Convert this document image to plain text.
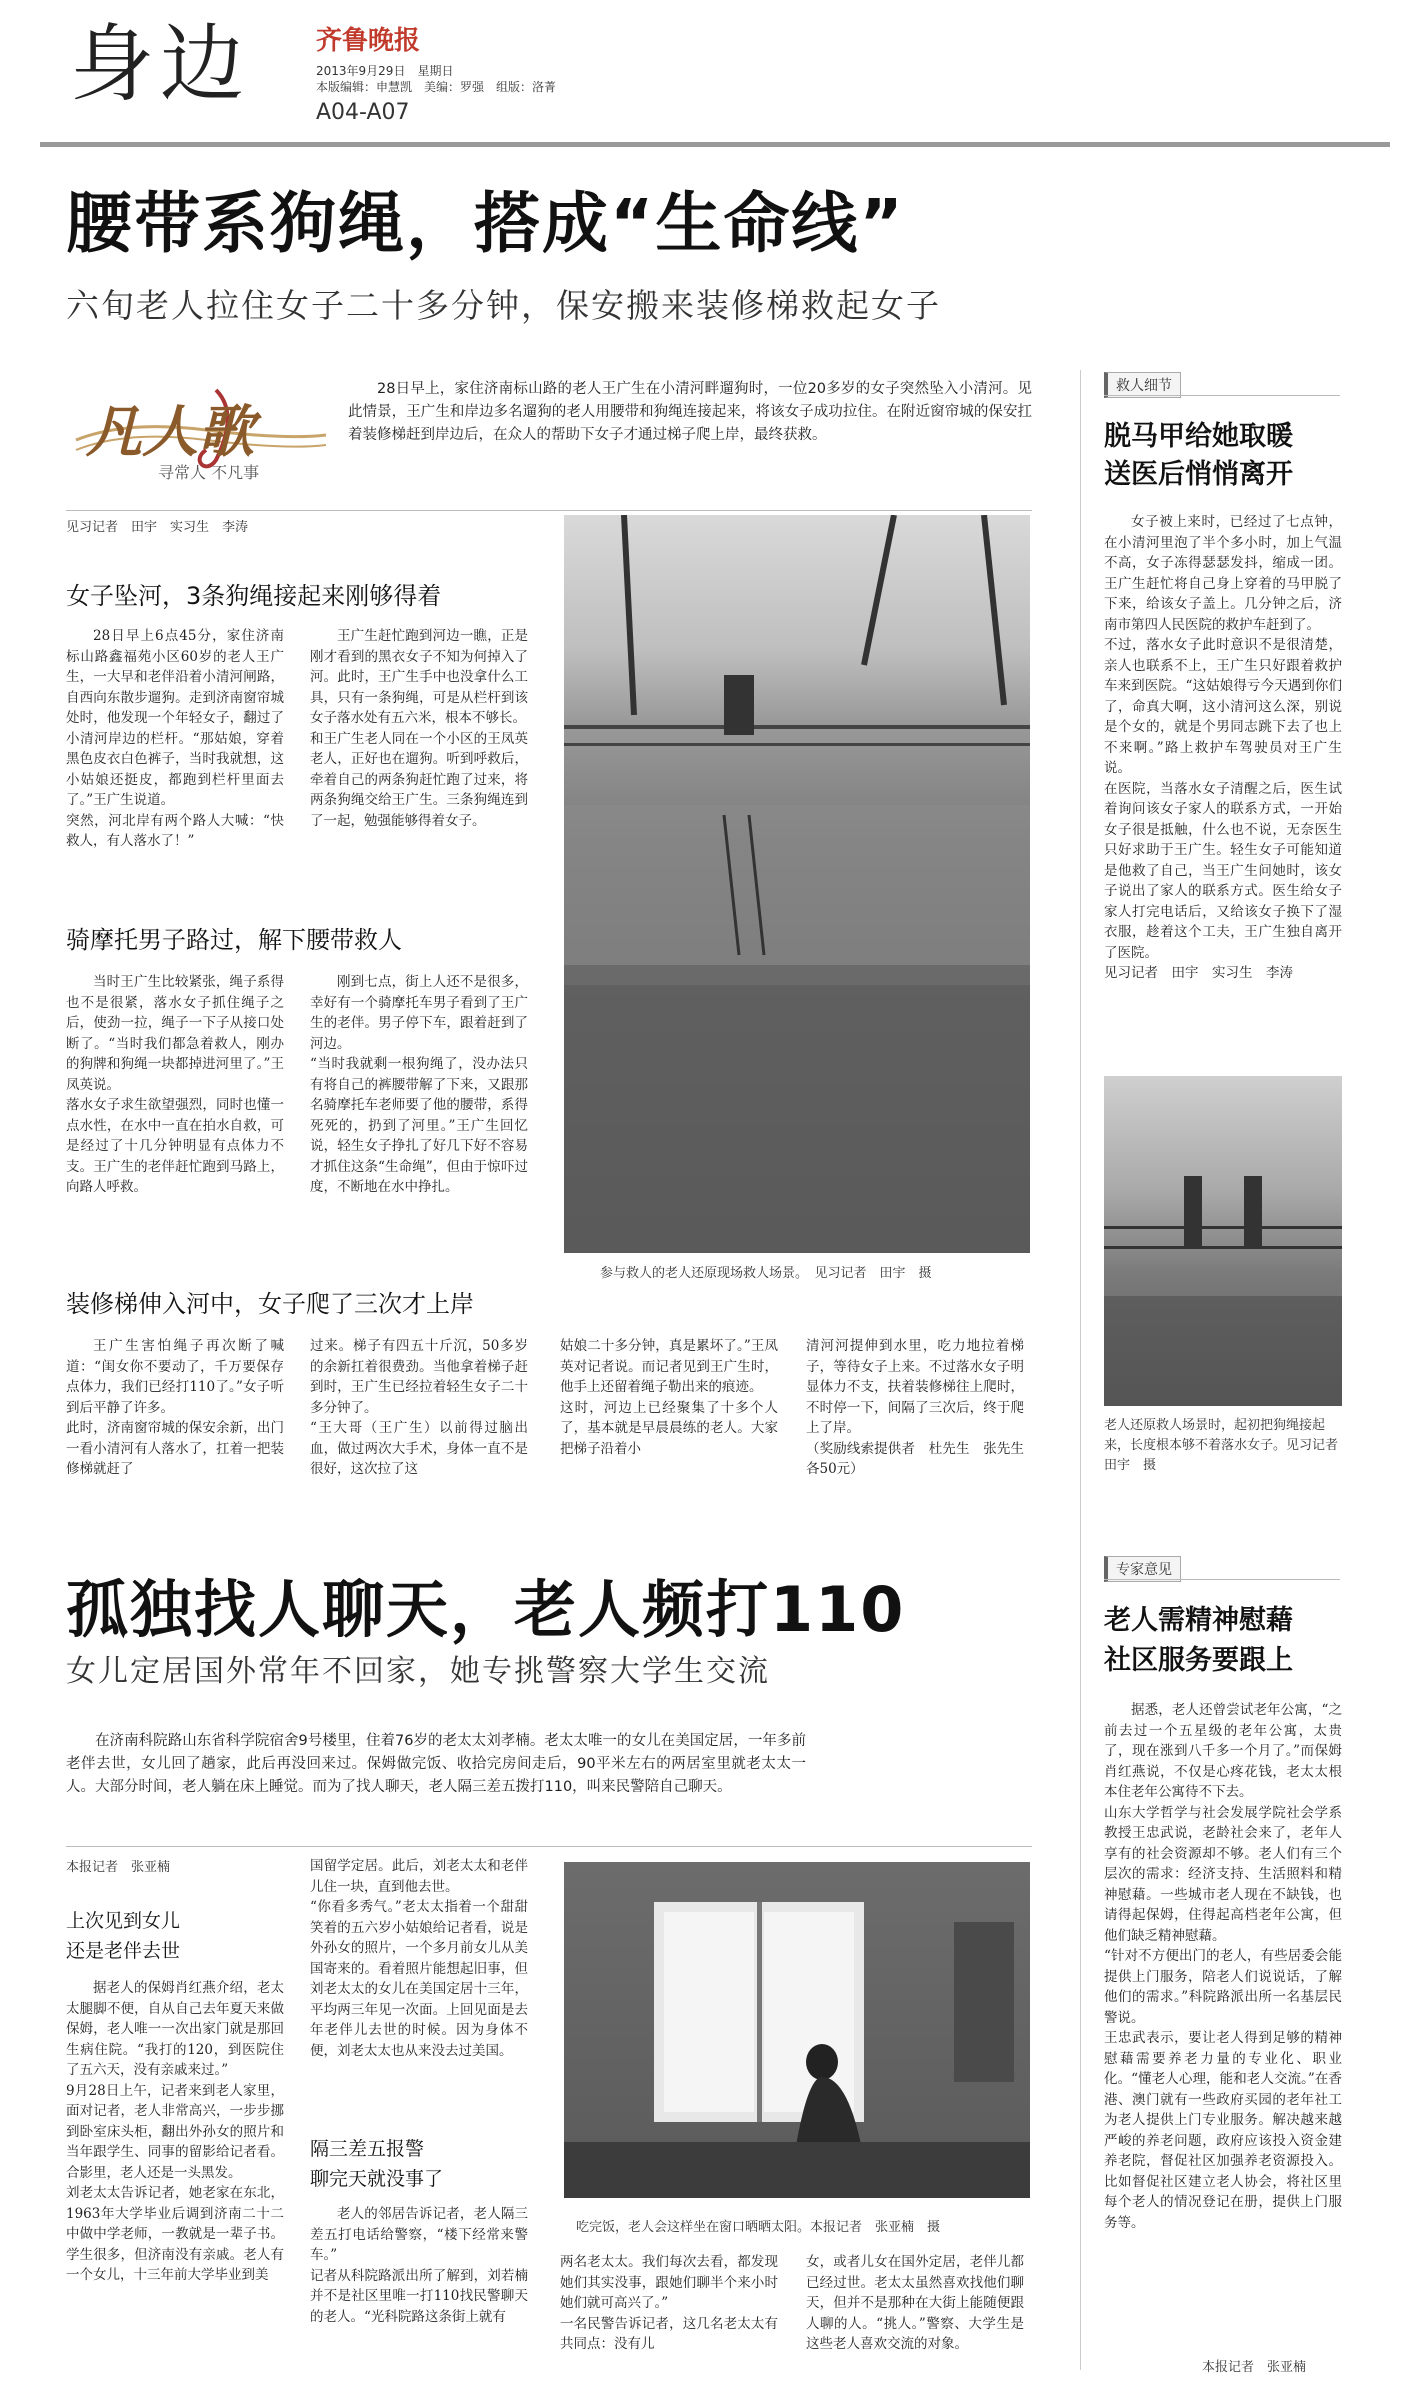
身边	齐鲁晚报
2013年9月29日　星期日
本版编辑：申慧凯　美编：罗强　组版：洛菁
A04-A07
腰带系狗绳，搭成“生命线”
六旬老人拉住女子二十多分钟，保安搬来装修梯救起女子
凡人歌
寻常人 不凡事
28日早上，家住济南标山路的老人王广生在小清河畔遛狗时，一位20多岁的女子突然坠入小清河。见此情景，王广生和岸边多名遛狗的老人用腰带和狗绳连接起来，将该女子成功拉住。在附近窗帘城的保安扛着装修梯赶到岸边后，在众人的帮助下女子才通过梯子爬上岸，最终获救。
见习记者　田宇　实习生　李涛
女子坠河，3条狗绳接起来刚够得着
28日早上6点45分，家住济南标山路鑫福苑小区60岁的老人王广生，一大早和老伴沿着小清河闸路，自西向东散步遛狗。走到济南窗帘城处时，他发现一个年轻女子，翻过了小清河岸边的栏杆。“那姑娘，穿着黑色皮衣白色裤子，当时我就想，这小姑娘还挺皮，都跑到栏杆里面去了。”王广生说道。
突然，河北岸有两个路人大喊：“快救人，有人落水了！”
王广生赶忙跑到河边一瞧，正是刚才看到的黑衣女子不知为何掉入了河。此时，王广生手中也没拿什么工具，只有一条狗绳，可是从栏杆到该女子落水处有五六米，根本不够长。
和王广生老人同在一个小区的王凤英老人，正好也在遛狗。听到呼救后，牵着自己的两条狗赶忙跑了过来，将两条狗绳交给王广生。三条狗绳连到了一起，勉强能够得着女子。
骑摩托男子路过，解下腰带救人
当时王广生比较紧张，绳子系得也不是很紧，落水女子抓住绳子之后，使劲一拉，绳子一下子从接口处断了。“当时我们都急着救人，刚办的狗牌和狗绳一块都掉进河里了。”王凤英说。
落水女子求生欲望强烈，同时也懂一点水性，在水中一直在拍水自救，可是经过了十几分钟明显有点体力不支。王广生的老伴赶忙跑到马路上，向路人呼救。
刚到七点，街上人还不是很多，幸好有一个骑摩托车男子看到了王广生的老伴。男子停下车，跟着赶到了河边。
“当时我就剩一根狗绳了，没办法只有将自己的裤腰带解了下来，又跟那名骑摩托车老师要了他的腰带，系得死死的，扔到了河里。”王广生回忆说，轻生女子挣扎了好几下好不容易才抓住这条“生命绳”，但由于惊吓过度，不断地在水中挣扎。
参与救人的老人还原现场救人场景。　见习记者　田宇　摄
装修梯伸入河中，女子爬了三次才上岸
王广生害怕绳子再次断了喊道：“闺女你不要动了，千万要保存点体力，我们已经打110了。”女子听到后平静了许多。
此时，济南窗帘城的保安余新，出门一看小清河有人落水了，扛着一把装修梯就赶了
过来。梯子有四五十斤沉，50多岁的余新扛着很费劲。当他拿着梯子赶到时，王广生已经拉着轻生女子二十多分钟了。
“王大哥（王广生）以前得过脑出血，做过两次大手术，身体一直不是很好，这次拉了这
姑娘二十多分钟，真是累坏了。”王凤英对记者说。而记者见到王广生时，他手上还留着绳子勒出来的痕迹。
这时，河边上已经聚集了十多个人了，基本就是早晨晨练的老人。大家把梯子沿着小
清河河提伸到水里，吃力地拉着梯子，等待女子上来。不过落水女子明显体力不支，扶着装修梯往上爬时，不时停一下，间隔了三次后，终于爬上了岸。
（奖励线索提供者　杜先生　张先生　各50元）
救人细节
脱马甲给她取暖
送医后悄悄离开
女子被上来时，已经过了七点钟，在小清河里泡了半个多小时，加上气温不高，女子冻得瑟瑟发抖，缩成一团。王广生赶忙将自己身上穿着的马甲脱了下来，给该女子盖上。几分钟之后，济南市第四人民医院的救护车赶到了。
不过，落水女子此时意识不是很清楚，亲人也联系不上，王广生只好跟着救护车来到医院。“这姑娘得亏今天遇到你们了，命真大啊，这小清河这么深，别说是个女的，就是个男同志跳下去了也上不来啊。”路上救护车驾驶员对王广生说。
在医院，当落水女子清醒之后，医生试着询问该女子家人的联系方式，一开始女子很是抵触，什么也不说，无奈医生只好求助于王广生。轻生女子可能知道是他救了自己，当王广生问她时，该女子说出了家人的联系方式。医生给女子家人打完电话后，又给该女子换下了湿衣服，趁着这个工夫，王广生独自离开了医院。
见习记者　田宇　实习生　李涛
老人还原救人场景时，起初把狗绳接起来，长度根本够不着落水女子。见习记者　田宇　摄
孤独找人聊天，老人频打110
女儿定居国外常年不回家，她专挑警察大学生交流
在济南科院路山东省科学院宿舍9号楼里，住着76岁的老太太刘孝楠。老太太唯一的女儿在美国定居，一年多前老伴去世，女儿回了趟家，此后再没回来过。保姆做完饭、收拾完房间走后，90平米左右的两居室里就老太太一人。大部分时间，老人躺在床上睡觉。而为了找人聊天，老人隔三差五拨打110，叫来民警陪自己聊天。
本报记者　张亚楠
上次见到女儿
还是老伴去世
据老人的保姆肖红燕介绍，老太太腿脚不便，自从自己去年夏天来做保姆，老人唯一一次出家门就是那回生病住院。“我打的120，到医院住了五六天，没有亲戚来过。”
9月28日上午，记者来到老人家里，面对记者，老人非常高兴，一步步挪到卧室床头柜，翻出外孙女的照片和当年跟学生、同事的留影给记者看。合影里，老人还是一头黑发。
刘老太太告诉记者，她老家在东北，1963年大学毕业后调到济南二十二中做中学老师，一教就是一辈子书。学生很多，但济南没有亲戚。老人有一个女儿，十三年前大学毕业到美
国留学定居。此后，刘老太太和老伴儿住一块，直到他去世。
“你看多秀气。”老太太指着一个甜甜笑着的五六岁小姑娘给记者看，说是外孙女的照片，一个多月前女儿从美国寄来的。看着照片能想起旧事，但刘老太太的女儿在美国定居十三年，平均两三年见一次面。上回见面是去年老伴儿去世的时候。因为身体不便，刘老太太也从来没去过美国。
隔三差五报警
聊完天就没事了
老人的邻居告诉记者，老人隔三差五打电话给警察，“楼下经常来警车。”
记者从科院路派出所了解到，刘若楠并不是社区里唯一打110找民警聊天的老人。“光科院路这条街上就有
吃完饭，老人会这样坐在窗口晒晒太阳。本报记者　张亚楠　摄
两名老太太。我们每次去看，都发现她们其实没事，跟她们聊半个来小时她们就可高兴了。”
一名民警告诉记者，这几名老太太有共同点：没有儿
女，或者儿女在国外定居，老伴儿都已经过世。老太太虽然喜欢找他们聊天，但并不是那种在大街上能随便跟人聊的人。“挑人。”警察、大学生是这些老人喜欢交流的对象。
专家意见
老人需精神慰藉
社区服务要跟上
据悉，老人还曾尝试老年公寓，“之前去过一个五星级的老年公寓，太贵了，现在涨到八千多一个月了。”而保姆肖红燕说，不仅是心疼花钱，老太太根本住老年公寓待不下去。
山东大学哲学与社会发展学院社会学系教授王忠武说，老龄社会来了，老年人享有的社会资源却不够。老人们有三个层次的需求：经济支持、生活照料和精神慰藉。一些城市老人现在不缺钱，也请得起保姆，住得起高档老年公寓，但他们缺乏精神慰藉。
“针对不方便出门的老人，有些居委会能提供上门服务，陪老人们说说话，了解他们的需求。”科院路派出所一名基层民警说。
王忠武表示，要让老人得到足够的精神慰藉需要养老力量的专业化、职业化。“懂老人心理，能和老人交流。”在香港、澳门就有一些政府买园的老年社工为老人提供上门专业服务。解决越来越严峻的养老问题，政府应该投入资金建养老院，督促社区加强养老资源投入。比如督促社区建立老人协会，将社区里每个老人的情况登记在册，提供上门服务等。
本报记者　张亚楠
